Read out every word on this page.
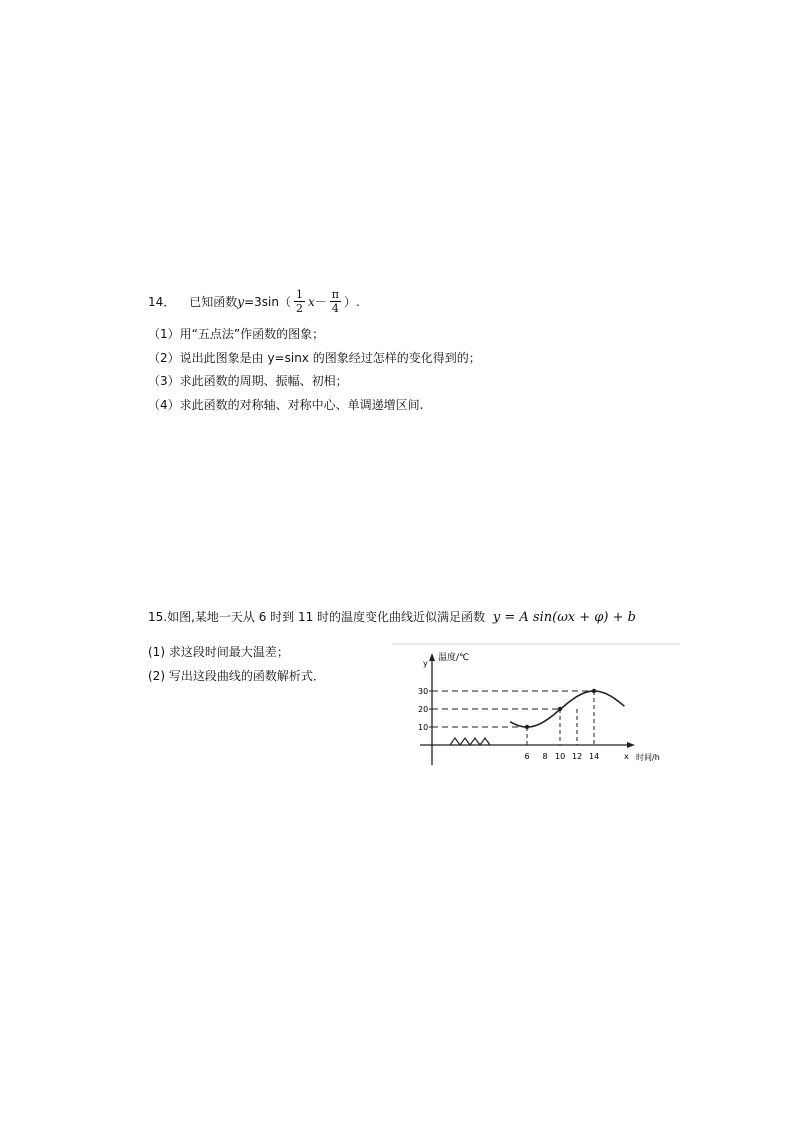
14． 已知函数 $y =3\sin( \frac{1}{2}$ $x - \frac{\pi}{4}$ ）.
（1）用“五点法”作函数的图象；
（2）说出此图象是由 y=sinx 的图象经过怎样的变化得到的；
（3）求此函数的周期、振幅、初相；
（4）求此函数的对称轴、对称中心、单调递增区间.
15.如图,某地一天从 6 时到 11 时的温度变化曲线近似满足函数 y = A sin(ωx + φ) + b
(1) 求这段时间最大温差；
(2) 写出这段曲线的函数解析式．
y
温度/℃
x 时间/h
30
20
10
6 8 10 12 14
